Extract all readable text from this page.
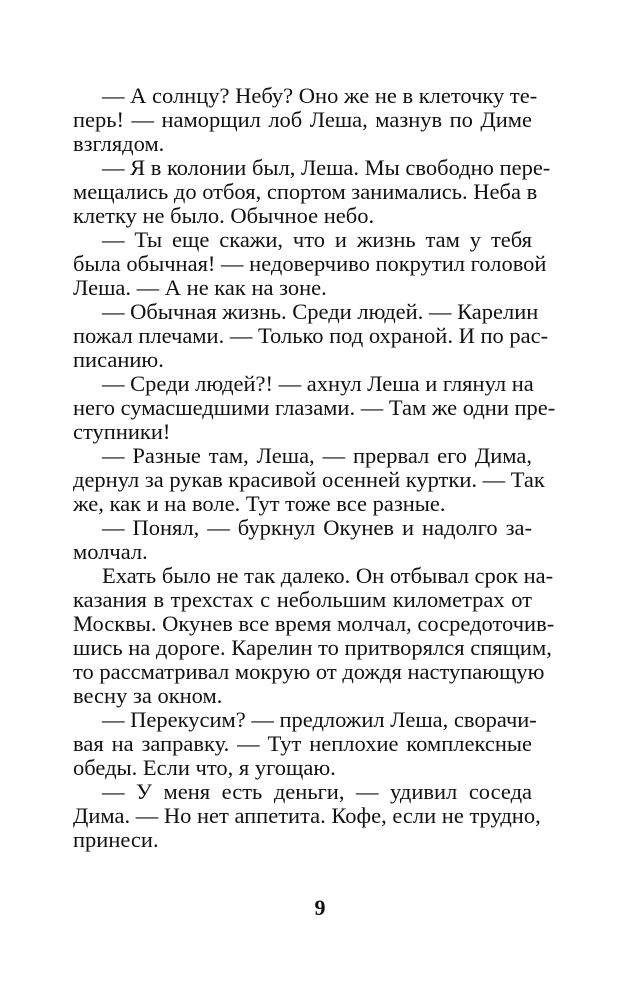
— А солнцу? Небу? Оно же не в клеточку те-
перь! — наморщил лоб Леша, мазнув по Диме
взглядом.
— Я в колонии был, Леша. Мы свободно пере-
мещались до отбоя, спортом занимались. Неба в
клетку не было. Обычное небо.
— Ты еще скажи, что и жизнь там у тебя
была обычная! — недоверчиво покрутил головой
Леша. — А не как на зоне.
— Обычная жизнь. Среди людей. — Карелин
пожал плечами. — Только под охраной. И по рас-
писанию.
— Среди людей?! — ахнул Леша и глянул на
него сумасшедшими глазами. — Там же одни пре-
ступники!
— Разные там, Леша, — прервал его Дима,
дернул за рукав красивой осенней куртки. — Так
же, как и на воле. Тут тоже все разные.
— Понял, — буркнул Окунев и надолго за-
молчал.
Ехать было не так далеко. Он отбывал срок на-
казания в трехстах с небольшим километрах от
Москвы. Окунев все время молчал, сосредоточив-
шись на дороге. Карелин то притворялся спящим,
то рассматривал мокрую от дождя наступающую
весну за окном.
— Перекусим? — предложил Леша, сворачи-
вая на заправку. — Тут неплохие комплексные
обеды. Если что, я угощаю.
— У меня есть деньги, — удивил соседа
Дима. — Но нет аппетита. Кофе, если не трудно,
принеси.
9
